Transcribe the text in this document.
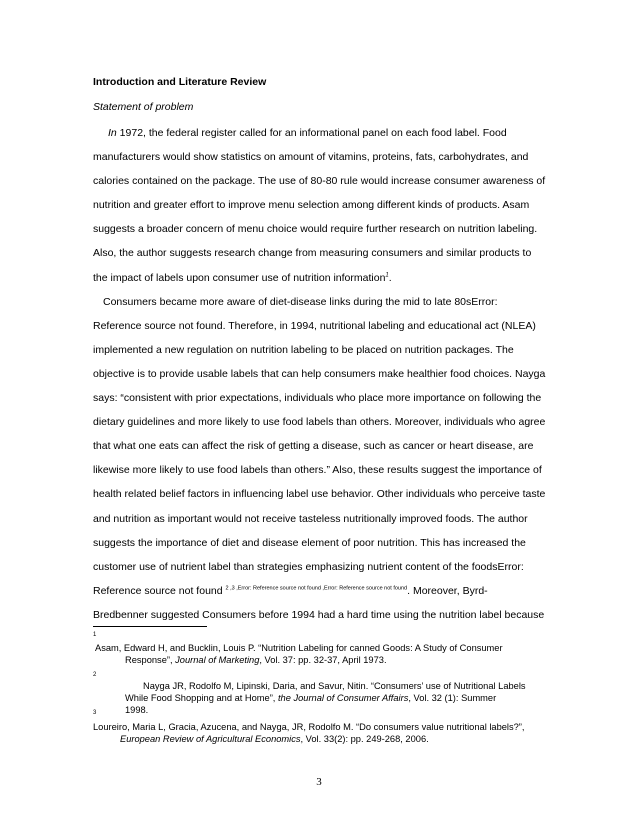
Introduction and Literature Review
Statement of problem
In 1972, the federal register called for an informational panel on each food label. Food
manufacturers would show statistics on amount of vitamins, proteins, fats, carbohydrates, and
calories contained on the package. The use of 80-80 rule would increase consumer awareness of
nutrition and greater effort to improve menu selection among different kinds of products. Asam
suggests a broader concern of menu choice would require further research on nutrition labeling.
Also, the author suggests research change from measuring consumers and similar products to
the impact of labels upon consumer use of nutrition information$^1$.
Consumers became more aware of diet-disease links during the mid to late 80sError:
Reference source not found. Therefore, in 1994, nutritional labeling and educational act (NLEA)
implemented a new regulation on nutrition labeling to be placed on nutrition packages. The
objective is to provide usable labels that can help consumers make healthier food choices. Nayga
says: “consistent with prior expectations, individuals who place more importance on following the
dietary guidelines and more likely to use food labels than others. Moreover, individuals who agree
that what one eats can affect the risk of getting a disease, such as cancer or heart disease, are
likewise more likely to use food labels than others.” Also, these results suggest the importance of
health related belief factors in influencing label use behavior. Other individuals who perceive taste
and nutrition as important would not receive tasteless nutritionally improved foods. The author
suggests the importance of diet and disease element of poor nutrition. This has increased the
customer use of nutrient label than strategies emphasizing nutrient content of the foodsError:
Reference source not found $^{2 ,3 ,Error: Reference source not found ,Error: Reference source not found}$. Moreover, Byrd-
Bredbenner suggested Consumers before 1994 had a hard time using the nutrition label because
1
Asam, Edward H, and Bucklin, Louis P. “Nutrition Labeling for canned Goods: A Study of Consumer
Response”, Journal of Marketing, Vol. 37: pp. 32-37, April 1973.
2
Nayga JR, Rodolfo M, Lipinski, Daria, and Savur, Nitin. “Consumers’ use of Nutritional Labels
While Food Shopping and at Home”, the Journal of Consumer Affairs, Vol. 32 (1): Summer
1998.
3
Loureiro, Maria L, Gracia, Azucena, and Nayga, JR, Rodolfo M. “Do consumers value nutritional labels?”,
European Review of Agricultural Economics, Vol. 33(2): pp. 249-268, 2006.
3
